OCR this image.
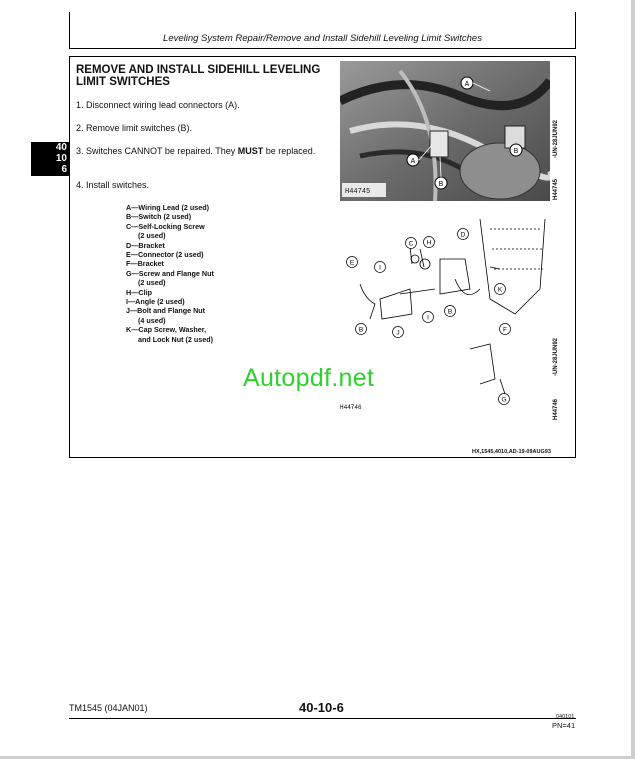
Leveling System Repair/Remove and Install Sidehill Leveling Limit Switches
REMOVE AND INSTALL SIDEHILL LEVELING LIMIT SWITCHES
1. Disconnect wiring lead connectors (A).
2. Remove limit switches (B).
3. Switches CANNOT be repaired. They MUST be replaced.
4. Install switches.
40
10
6
A—Wiring Lead (2 used)
B—Switch (2 used)
C—Self-Locking Screw
(2 used)
D—Bracket
E—Connector (2 used)
F—Bracket
G—Screw and Flange Nut
(2 used)
H—Clip
I—Angle (2 used)
J—Bolt and Flange Nut
(4 used)
K—Cap Screw, Washer,
and Lock Nut (2 used)
H44745
A
B
A
B	H44745
-UN-28JUN92
C H
D
E
I
K
B	J
I
B
F
G
H44746	H44746
-UN-28JUN92
Autopdf.net
HX,1545,4010,AD-19-09AUG93
TM1545 (04JAN01)	40-10-6
040101
PN=41
